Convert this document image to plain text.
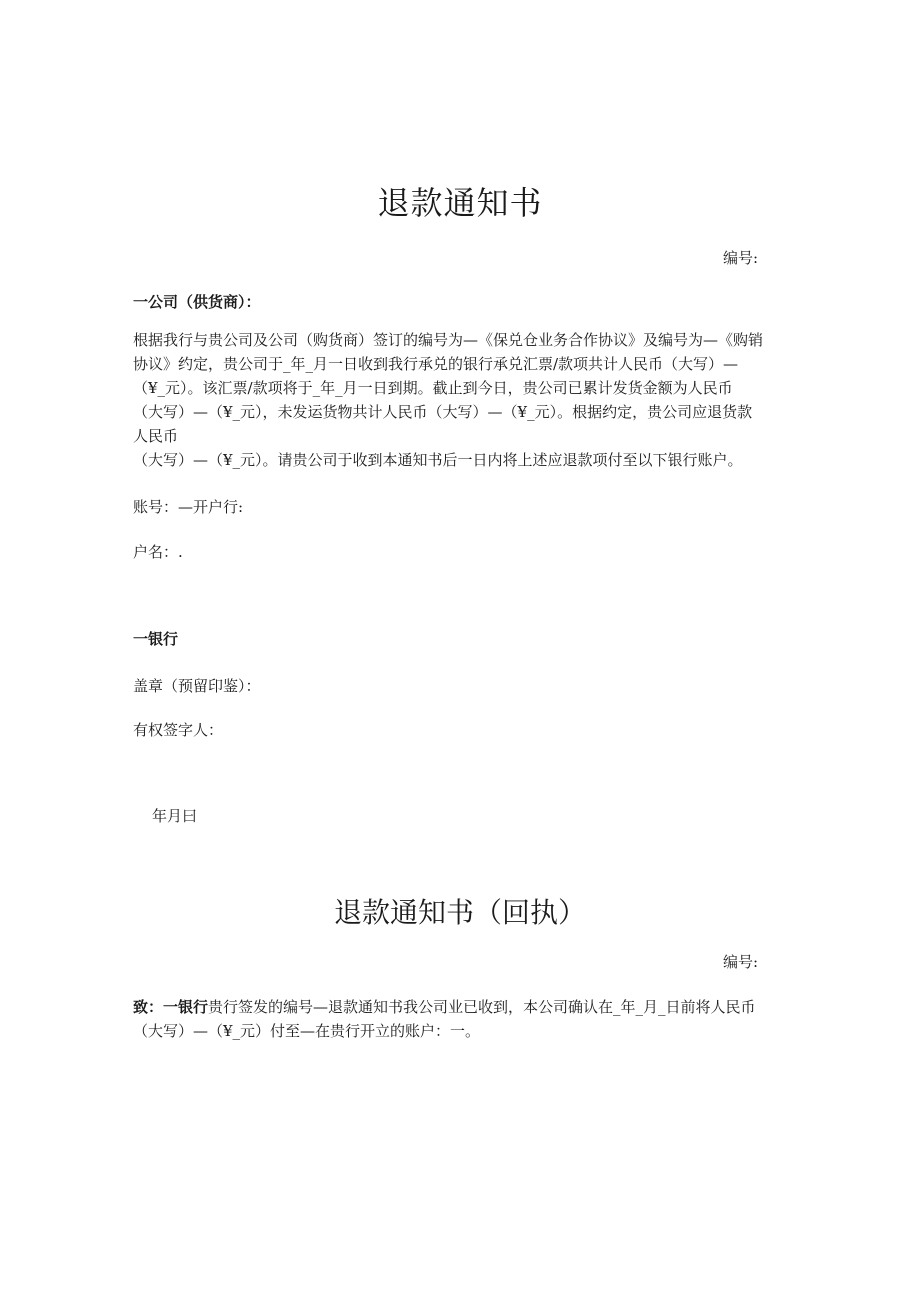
退款通知书
编号:
一公司（供货商）：
根据我行与贵公司及公司（购货商）签订的编号为—《保兑仓业务合作协议》及编号为—《购销
协议》约定，贵公司于_年_月一日收到我行承兑的银行承兑汇票/款项共计人民币（大写）—
（¥_元）。该汇票/款项将于_年_月一日到期。截止到今日，贵公司已累计发货金额为人民币
（大写）—（¥_元），未发运货物共计人民币（大写）—（¥_元）。根据约定，贵公司应退货款
人民币
（大写）—（¥_元）。请贵公司于收到本通知书后一日内将上述应退款项付至以下银行账户。
账号：—开户行:
户名：.
一银行
盖章（预留印鉴）：
有权签字人：
年月曰
退款通知书（回执）
编号:
致：一银行贵行签发的编号—退款通知书我公司业已收到，本公司确认在_年_月_日前将人民币
（大写）—（¥_元）付至—在贵行开立的账户：一。
